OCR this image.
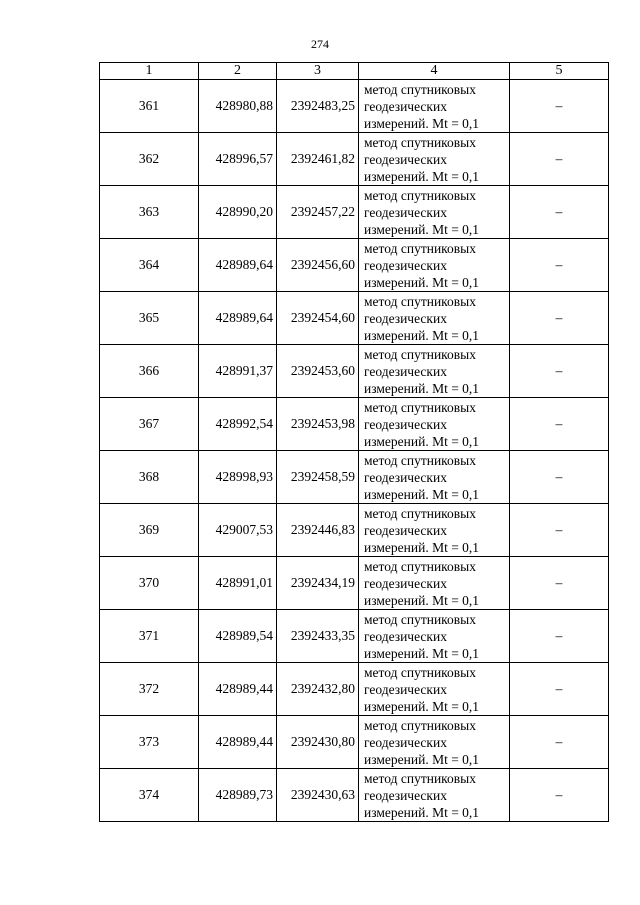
274
1	2	3	4	5
361	428980,88	2392483,25	метод спутниковых
геодезических
измерений. Mt = 0,1	–
362	428996,57	2392461,82	метод спутниковых
геодезических
измерений. Mt = 0,1	–
363	428990,20	2392457,22	метод спутниковых
геодезических
измерений. Mt = 0,1	–
364	428989,64	2392456,60	метод спутниковых
геодезических
измерений. Mt = 0,1	–
365	428989,64	2392454,60	метод спутниковых
геодезических
измерений. Mt = 0,1	–
366	428991,37	2392453,60	метод спутниковых
геодезических
измерений. Mt = 0,1	–
367	428992,54	2392453,98	метод спутниковых
геодезических
измерений. Mt = 0,1	–
368	428998,93	2392458,59	метод спутниковых
геодезических
измерений. Mt = 0,1	–
369	429007,53	2392446,83	метод спутниковых
геодезических
измерений. Mt = 0,1	–
370	428991,01	2392434,19	метод спутниковых
геодезических
измерений. Mt = 0,1	–
371	428989,54	2392433,35	метод спутниковых
геодезических
измерений. Mt = 0,1	–
372	428989,44	2392432,80	метод спутниковых
геодезических
измерений. Mt = 0,1	–
373	428989,44	2392430,80	метод спутниковых
геодезических
измерений. Mt = 0,1	–
374	428989,73	2392430,63	метод спутниковых
геодезических
измерений. Mt = 0,1	–
